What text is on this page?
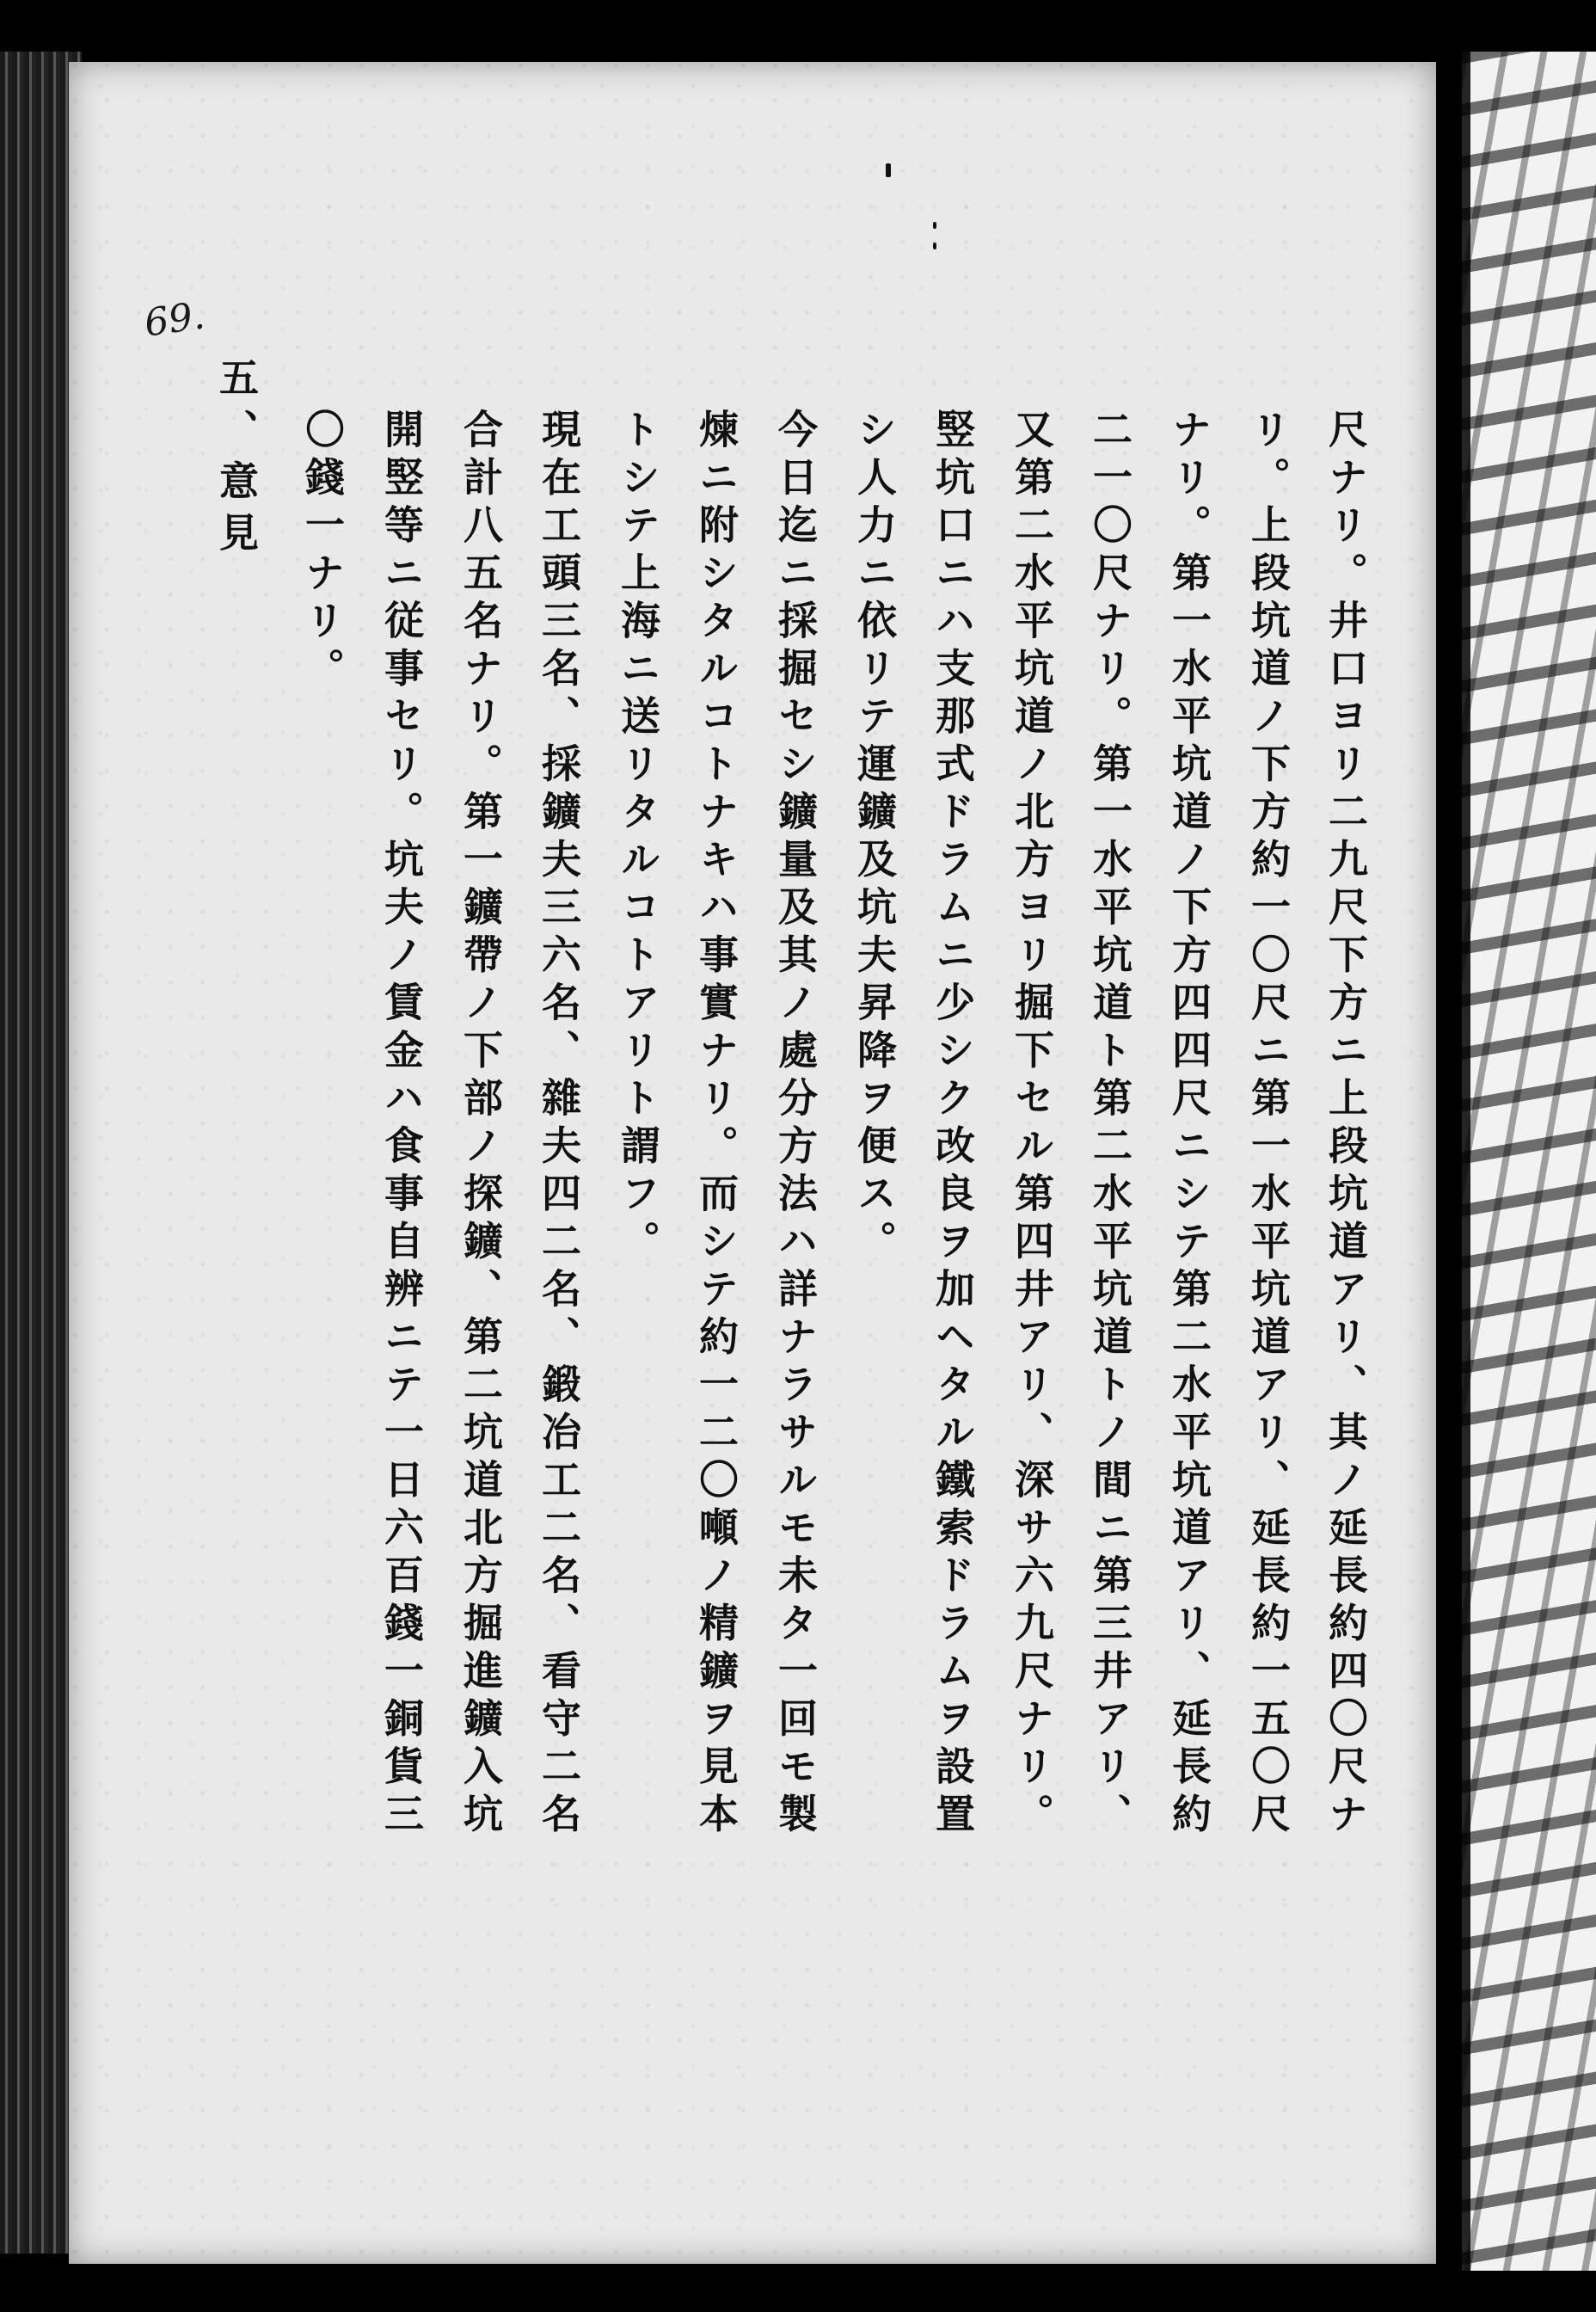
69.
尺ナリ。井口ヨリ二九尺下方ニ上段坑道アリ、其ノ延長約四〇尺ナ
リ。上段坑道ノ下方約一〇尺ニ第一水平坑道アリ、延長約一五〇尺
ナリ。第一水平坑道ノ下方四四尺ニシテ第二水平坑道アリ、延長約
二一〇尺ナリ。第一水平坑道ト第二水平坑道トノ間ニ第三井アリ、
又第二水平坑道ノ北方ヨリ掘下セル第四井アリ、深サ六九尺ナリ。
竪坑口ニハ支那式ドラムニ少シク改良ヲ加ヘタル鐵索ドラムヲ設置
シ人力ニ依リテ運鑛及坑夫昇降ヲ便ス。
今日迄ニ採掘セシ鑛量及其ノ處分方法ハ詳ナラサルモ未タ一回モ製
煉ニ附シタルコトナキハ事實ナリ。而シテ約一二〇噸ノ精鑛ヲ見本
トシテ上海ニ送リタルコトアリト謂フ。
現在工頭三名、採鑛夫三六名、雜夫四二名、鍛冶工二名、看守二名
合計八五名ナリ。第一鑛帶ノ下部ノ探鑛、第二坑道北方掘進鑛入坑
開竪等ニ従事セリ。坑夫ノ賃金ハ食事自辨ニテ一日六百錢一銅貨三
〇錢一ナリ。
五、意見
